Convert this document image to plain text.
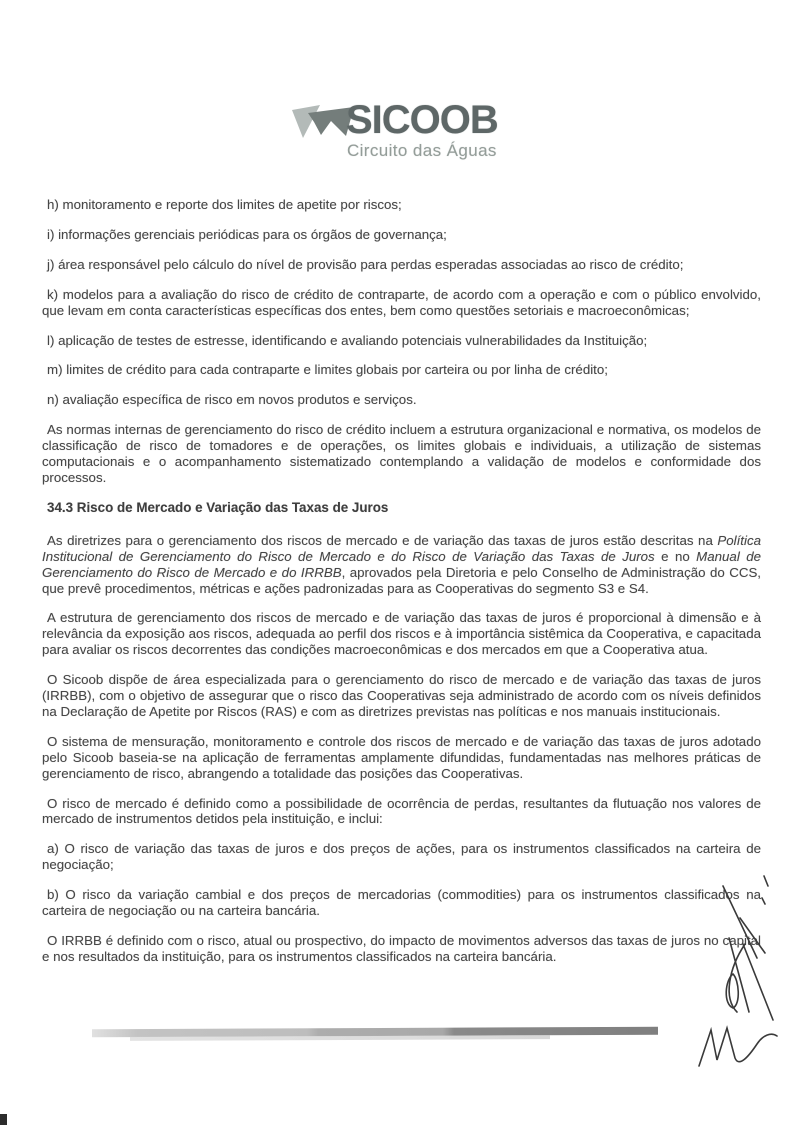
SICOOB
Circuito das Águas

h) monitoramento e reporte dos limites de apetite por riscos;

i) informações gerenciais periódicas para os órgãos de governança;

j) área responsável pelo cálculo do nível de provisão para perdas esperadas associadas ao risco de crédito;

k) modelos para a avaliação do risco de crédito de contraparte, de acordo com a operação e com o público envolvido, que levam em conta características específicas dos entes, bem como questões setoriais e macroeconômicas;

l) aplicação de testes de estresse, identificando e avaliando potenciais vulnerabilidades da Instituição;

m) limites de crédito para cada contraparte e limites globais por carteira ou por linha de crédito;

n) avaliação específica de risco em novos produtos e serviços.

As normas internas de gerenciamento do risco de crédito incluem a estrutura organizacional e normativa, os modelos de classificação de risco de tomadores e de operações, os limites globais e individuais, a utilização de sistemas computacionais e o acompanhamento sistematizado contemplando a validação de modelos e conformidade dos processos.

34.3 Risco de Mercado e Variação das Taxas de Juros

As diretrizes para o gerenciamento dos riscos de mercado e de variação das taxas de juros estão descritas na Política Institucional de Gerenciamento do Risco de Mercado e do Risco de Variação das Taxas de Juros e no Manual de Gerenciamento do Risco de Mercado e do IRRBB, aprovados pela Diretoria e pelo Conselho de Administração do CCS, que prevê procedimentos, métricas e ações padronizadas para as Cooperativas do segmento S3 e S4.

A estrutura de gerenciamento dos riscos de mercado e de variação das taxas de juros é proporcional à dimensão e à relevância da exposição aos riscos, adequada ao perfil dos riscos e à importância sistêmica da Cooperativa, e capacitada para avaliar os riscos decorrentes das condições macroeconômicas e dos mercados em que a Cooperativa atua.

O Sicoob dispõe de área especializada para o gerenciamento do risco de mercado e de variação das taxas de juros (IRRBB), com o objetivo de assegurar que o risco das Cooperativas seja administrado de acordo com os níveis definidos na Declaração de Apetite por Riscos (RAS) e com as diretrizes previstas nas políticas e nos manuais institucionais.

O sistema de mensuração, monitoramento e controle dos riscos de mercado e de variação das taxas de juros adotado pelo Sicoob baseia-se na aplicação de ferramentas amplamente difundidas, fundamentadas nas melhores práticas de gerenciamento de risco, abrangendo a totalidade das posições das Cooperativas.

O risco de mercado é definido como a possibilidade de ocorrência de perdas, resultantes da flutuação nos valores de mercado de instrumentos detidos pela instituição, e inclui:

a) O risco de variação das taxas de juros e dos preços de ações, para os instrumentos classificados na carteira de negociação;

b) O risco da variação cambial e dos preços de mercadorias (commodities) para os instrumentos classificados na carteira de negociação ou na carteira bancária.

O IRRBB é definido com o risco, atual ou prospectivo, do impacto de movimentos adversos das taxas de juros no capital e nos resultados da instituição, para os instrumentos classificados na carteira bancária.
